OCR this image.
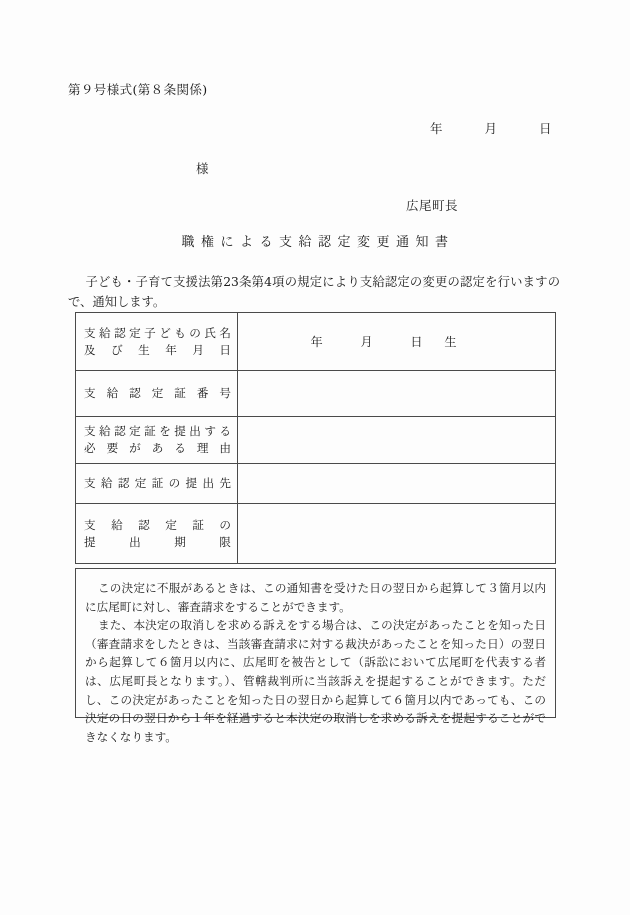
第９号様式(第８条関係)
年	月	日
様
広尾町長
職権による支給認定変更通知書
子ども・子育て支援法第23条第4項の規定により支給認定の変更の認定を行いますので、通知します。
支給認定子どもの氏名
及び生年月日	年 月 日 生

支給認定証番号	

支給認定証を提出する
必要がある理由	

支給認定証の提出先	

支給認定証の
提出期限	

この決定に不服があるときは、この通知書を受けた日の翌日から起算して３箇月以内に広尾町に対し、審査請求をすることができます。

また、本決定の取消しを求める訴えをする場合は、この決定があったことを知った日（審査請求をしたときは、当該審査請求に対する裁決があったことを知った日）の翌日から起算して６箇月以内に、広尾町を被告として（訴訟において広尾町を代表する者は、広尾町長となります。）、管轄裁判所に当該訴えを提起することができます。ただし、この決定があったことを知った日の翌日から起算して６箇月以内であっても、この決定の日の翌日から１年を経過すると本決定の取消しを求める訴えを提起することができなくなります。
